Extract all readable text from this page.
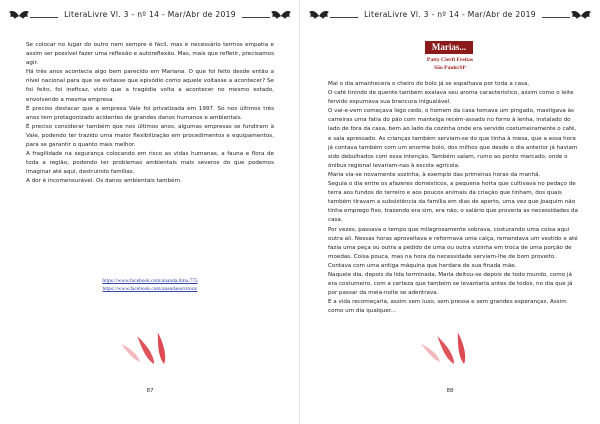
LiteraLivre Vl. 3 - nº 14 - Mar/Abr de 2019

Se colocar no lugar do outro nem sempre é fácil, mas é necessário termos empatia e assim ser possível fazer uma reflexão e autoreflexão. Mas, mais que refletir, precisamos agir.

Há três anos acontecia algo bem parecido em Mariana. O que foi feito desde então a nível nacional para que se evitasse que episódio como aquele voltasse a acontecer? Se foi feito, foi ineficaz, visto que a tragédia volta a acontecer no mesmo estado, envolvendo a mesma empresa.

É preciso destacar que a empresa Vale foi privatizada em 1997. Só nos últimos três anos tem protagonizado acidentes de grandes danos humanos e ambientais.

É preciso considerar também que nos últimos anos, algumas empresas se fundiram à Vale, podendo ter trazido uma maior flexibilização em procedimentos e equipamentos, para se garantir o quanto mais melhor.

A fragilidade na segurança colocando em risco as vidas humanas, a fauna e flora de toda a região, podendo ter problemas ambientais mais severos do que podemos imaginar até aqui, destruindo famílias.

A dor é incomensurável. Os danos ambientais também.

https://www.facebook.com/ananda.lima.775
https://www.facebook.com/anandaescritora/
87
LiteraLivre Vl. 3 - nº 14 - Mar/Abr de 2019
Marias...
Patty Cierfi Freitas
São Paulo/SP

Mal o dia amanhecera o cheiro do bolo já se espalhava por toda a casa.

O café tinindo de quente também exalava seu aroma característico, assim como o leite fervido espumava sua brancura inigualável.

O vai-e-vem começava logo cedo, o homem da casa tomava um pingado, mastigava às carreiras uma fatia do pão com manteiga recém-assado no forno à lenha, instalado do lado de fora da casa, bem ao lado da cozinha onde era servido costumeiramente o café, e saía apressado. As crianças também serviam-se do que tinha à mesa, que a essa hora já contava também com um enorme bolo, dos milhos que desde o dia anterior já haviam sido debulhados com essa intenção. Também saíam, rumo ao ponto marcado, onde o ônibus regional levariam-nas à escola agrícola.

Maria via-se novamente sozinha, à exemplo das primeiras horas da manhã.

Seguia o dia entre os afazeres domésticos, a pequena horta que cultivava no pedaço de terra aos fundos do terreiro e aos poucos animais da criação que tinham, dos quais também tiravam a subsistência da família em dias de aperto, uma vez que Joaquim não tinha emprego fixo, trazendo era sim, era não, o salário que proveria as necessidades da casa.

Por vezes, passava o tempo que milagrosamente sobrava, costurando uma coisa aqui outra ali. Nessas horas aproveitava e reformava uma calça, remendava um vestido e até fazia uma peça ou outra a pedido de uma ou outra vizinha em troca de uma porção de moedas. Coisa pouca, mas na hora da necessidade serviam-lhe de bom proveito. Contava com uma antiga máquina que herdara de sua finada mãe.

Naquele dia, depois da lida terminada, Maria deitou-se depois de todo mundo, como já era costumeiro, com a certeza que também se levantaria antes de todos, no dia que já por passar da meia-noite se adentrava.

E a vida recomeçaria, assim sem luxo, sem pressa e sem grandes esperanças, Assim como um dia qualquer...

88
